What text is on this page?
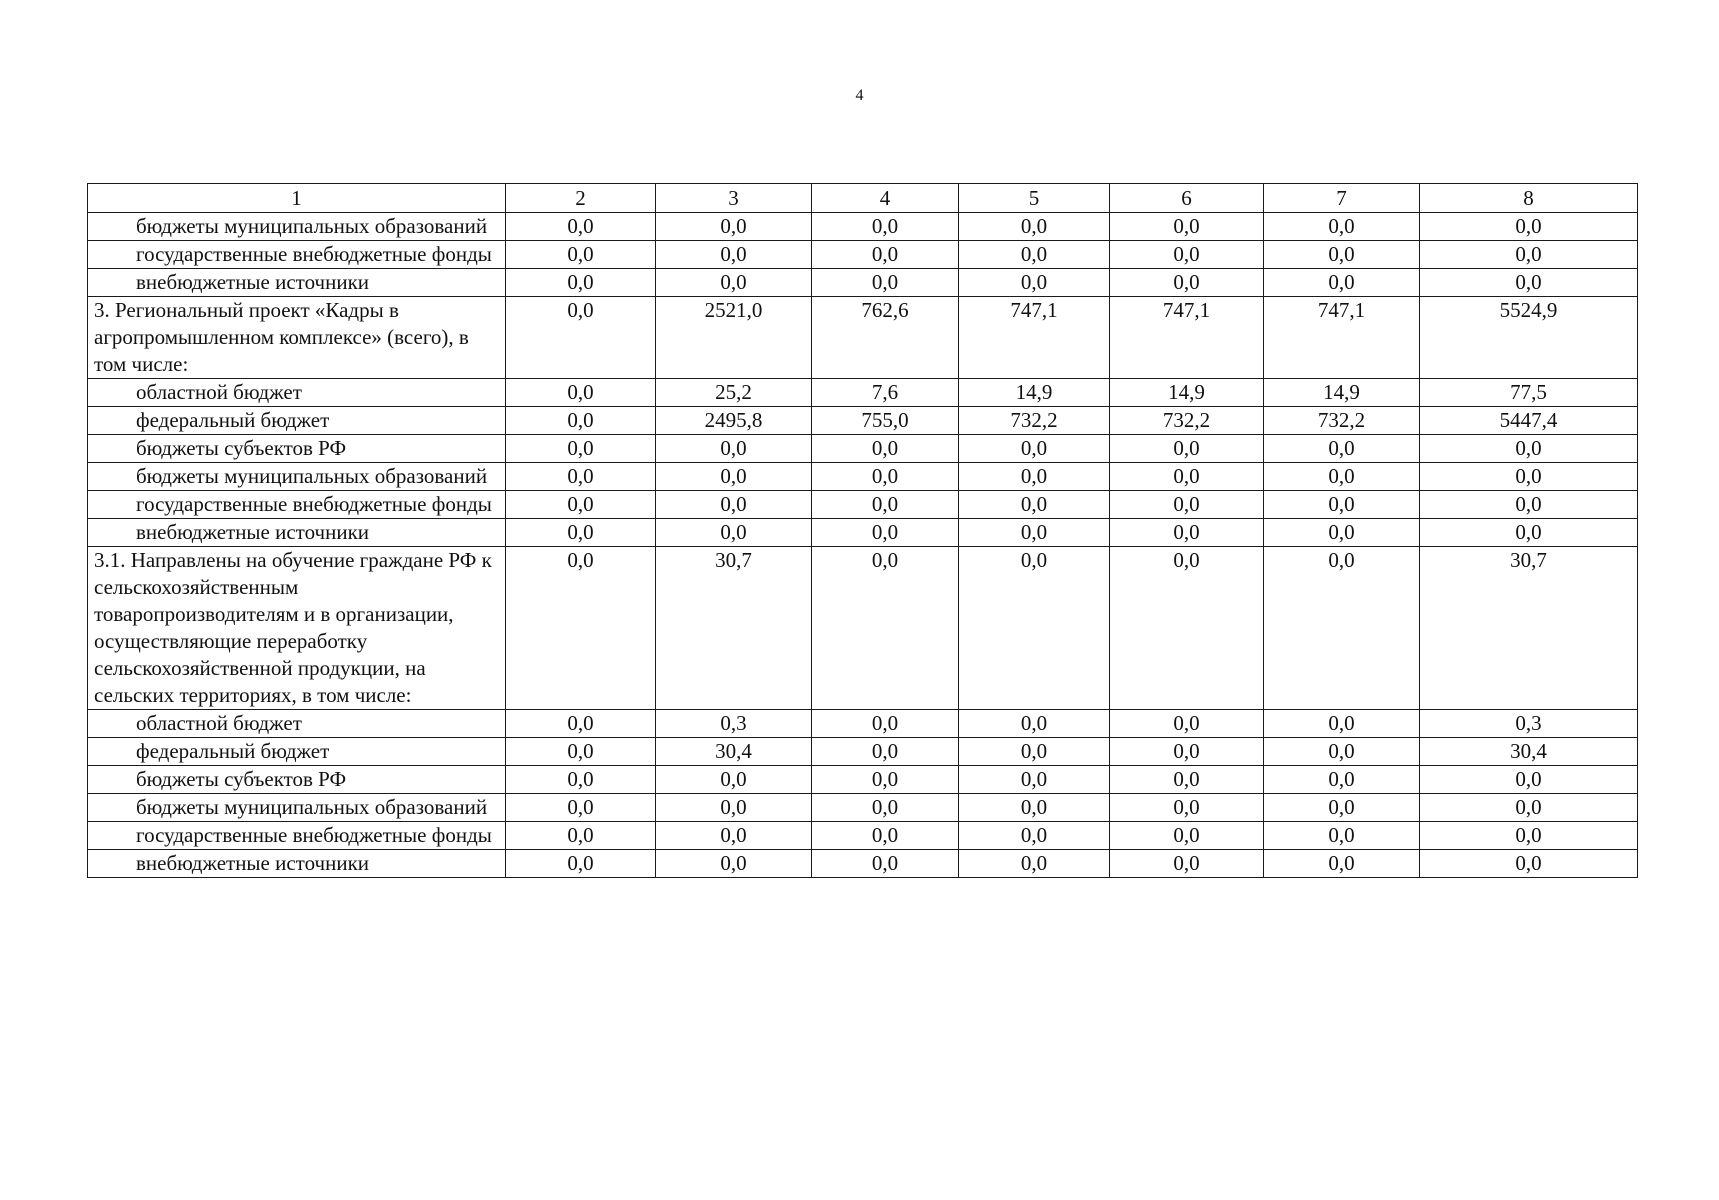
4
1	2	3	4	5	6	7	8
бюджеты муниципальных образований	0,0	0,0	0,0	0,0	0,0	0,0	0,0
государственные внебюджетные фонды	0,0	0,0	0,0	0,0	0,0	0,0	0,0
внебюджетные источники	0,0	0,0	0,0	0,0	0,0	0,0	0,0
3. Региональный проект «Кадры в агропромышленном комплексе» (всего), в том числе:	0,0	2521,0	762,6	747,1	747,1	747,1	5524,9
областной бюджет	0,0	25,2	7,6	14,9	14,9	14,9	77,5
федеральный бюджет	0,0	2495,8	755,0	732,2	732,2	732,2	5447,4
бюджеты субъектов РФ	0,0	0,0	0,0	0,0	0,0	0,0	0,0
бюджеты муниципальных образований	0,0	0,0	0,0	0,0	0,0	0,0	0,0
государственные внебюджетные фонды	0,0	0,0	0,0	0,0	0,0	0,0	0,0
внебюджетные источники	0,0	0,0	0,0	0,0	0,0	0,0	0,0
3.1. Направлены на обучение граждане РФ к сельскохозяйственным товаропроизводителям и в организации, осуществляющие переработку сельскохозяйственной продукции, на сельских территориях, в том числе:	0,0	30,7	0,0	0,0	0,0	0,0	30,7
областной бюджет	0,0	0,3	0,0	0,0	0,0	0,0	0,3
федеральный бюджет	0,0	30,4	0,0	0,0	0,0	0,0	30,4
бюджеты субъектов РФ	0,0	0,0	0,0	0,0	0,0	0,0	0,0
бюджеты муниципальных образований	0,0	0,0	0,0	0,0	0,0	0,0	0,0
государственные внебюджетные фонды	0,0	0,0	0,0	0,0	0,0	0,0	0,0
внебюджетные источники	0,0	0,0	0,0	0,0	0,0	0,0	0,0
